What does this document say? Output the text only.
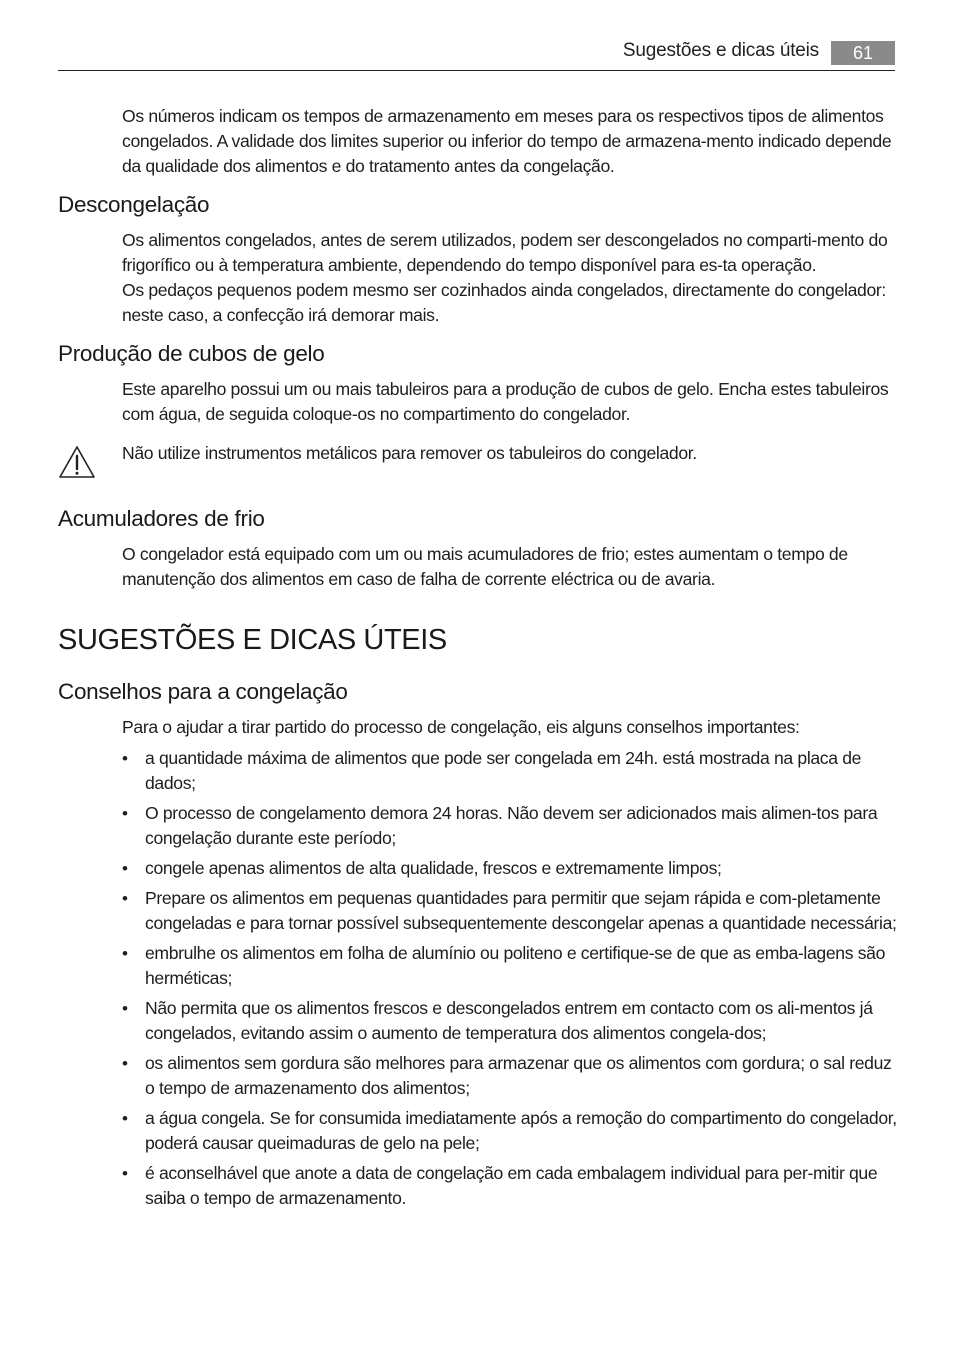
Sugestões e dicas úteis	61

Os números indicam os tempos de armazenamento em meses para os respectivos tipos de alimentos congelados. A validade dos limites superior ou inferior do tempo de armazena-mento indicado depende da qualidade dos alimentos e do tratamento antes da congelação.

Descongelação

Os alimentos congelados, antes de serem utilizados, podem ser descongelados no comparti-mento do frigorífico ou à temperatura ambiente, dependendo do tempo disponível para es-ta operação.

Os pedaços pequenos podem mesmo ser cozinhados ainda congelados, directamente do congelador: neste caso, a confecção irá demorar mais.

Produção de cubos de gelo

Este aparelho possui um ou mais tabuleiros para a produção de cubos de gelo. Encha estes tabuleiros com água, de seguida coloque-os no compartimento do congelador.

Não utilize instrumentos metálicos para remover os tabuleiros do congelador.

Acumuladores de frio

O congelador está equipado com um ou mais acumuladores de frio; estes aumentam o tempo de manutenção dos alimentos em caso de falha de corrente eléctrica ou de avaria.

SUGESTÕES E DICAS ÚTEIS
Conselhos para a congelação

Para o ajudar a tirar partido do processo de congelação, eis alguns conselhos importantes:

• a quantidade máxima de alimentos que pode ser congelada em 24h. está mostrada na placa de dados;
• O processo de congelamento demora 24 horas. Não devem ser adicionados mais alimen-tos para congelação durante este período;
• congele apenas alimentos de alta qualidade, frescos e extremamente limpos;
• Prepare os alimentos em pequenas quantidades para permitir que sejam rápida e com-pletamente congeladas e para tornar possível subsequentemente descongelar apenas a quantidade necessária;
• embrulhe os alimentos em folha de alumínio ou politeno e certifique-se de que as emba-lagens são herméticas;
• Não permita que os alimentos frescos e descongelados entrem em contacto com os ali-mentos já congelados, evitando assim o aumento de temperatura dos alimentos congela-dos;
• os alimentos sem gordura são melhores para armazenar que os alimentos com gordura; o sal reduz o tempo de armazenamento dos alimentos;
• a água congela. Se for consumida imediatamente após a remoção do compartimento do congelador, poderá causar queimaduras de gelo na pele;
• é aconselhável que anote a data de congelação em cada embalagem individual para per-mitir que saiba o tempo de armazenamento.
